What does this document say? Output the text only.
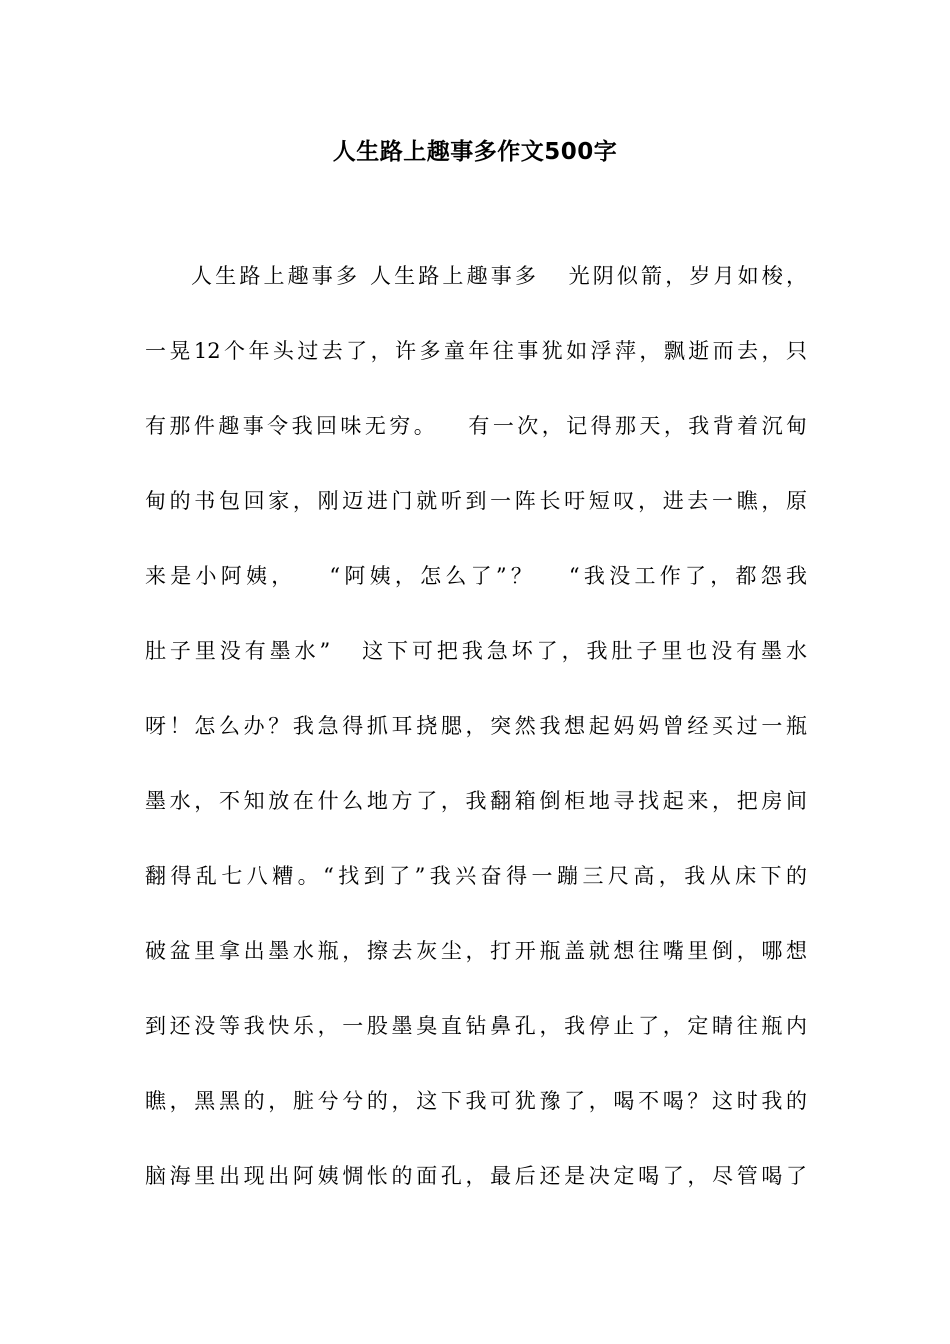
人生路上趣事多作文500字
人生路上趣事多 人生路上趣事多   光阴似箭，岁月如梭，
一晃12个年头过去了，许多童年往事犹如浮萍，飘逝而去，只
有那件趣事令我回味无穷。   有一次，记得那天，我背着沉甸
甸的书包回家，刚迈进门就听到一阵长吁短叹，进去一瞧，原
来是小阿姨，   “阿姨，怎么了”？   “我没工作了，都怨我
肚子里没有墨水”   这下可把我急坏了，我肚子里也没有墨水
呀！怎么办？我急得抓耳挠腮，突然我想起妈妈曾经买过一瓶
墨水，不知放在什么地方了，我翻箱倒柜地寻找起来，把房间
翻得乱七八糟。“找到了”我兴奋得一蹦三尺高，我从床下的
破盆里拿出墨水瓶，擦去灰尘，打开瓶盖就想往嘴里倒，哪想
到还没等我快乐，一股墨臭直钻鼻孔，我停止了，定睛往瓶内
瞧，黑黑的，脏兮兮的，这下我可犹豫了，喝不喝？这时我的
脑海里出现出阿姨惆怅的面孔，最后还是决定喝了，尽管喝了
